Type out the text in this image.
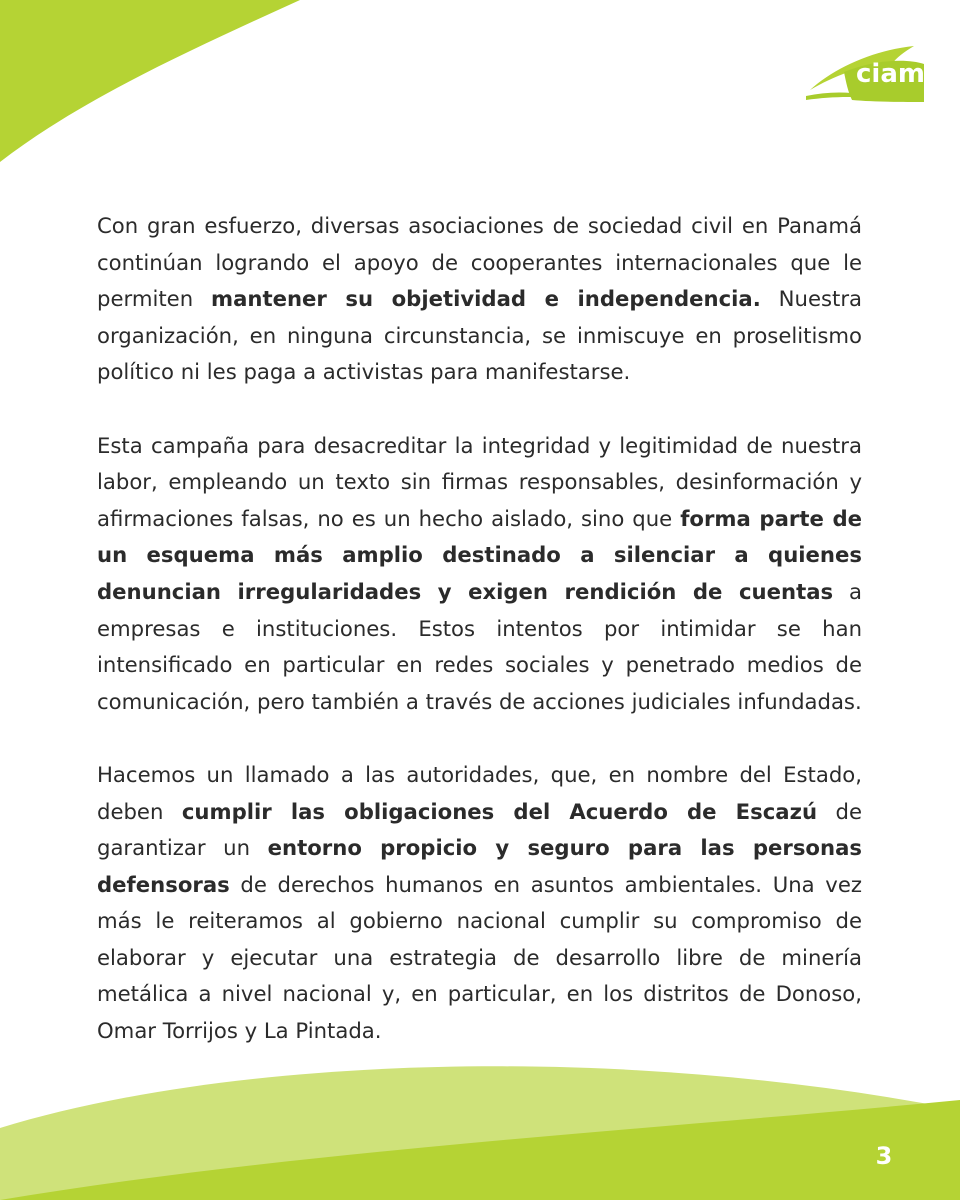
ciam

Con gran esfuerzo, diversas asociaciones de sociedad civil en Panamá continúan logrando el apoyo de cooperantes internacionales que le permiten mantener su objetividad e independencia. Nuestra organización, en ninguna circunstancia, se inmiscuye en proselitismo político ni les paga a activistas para manifestarse.

Esta campaña para desacreditar la integridad y legitimidad de nuestra labor, empleando un texto sin firmas responsables, desinformación y afirmaciones falsas, no es un hecho aislado, sino que forma parte de un esquema más amplio destinado a silenciar a quienes denuncian irregularidades y exigen rendición de cuentas a empresas e instituciones. Estos intentos por intimidar se han intensificado en particular en redes sociales y penetrado medios de comunicación, pero también a través de acciones judiciales infundadas.

Hacemos un llamado a las autoridades, que, en nombre del Estado, deben cumplir las obligaciones del Acuerdo de Escazú de garantizar un entorno propicio y seguro para las personas defensoras de derechos humanos en asuntos ambientales. Una vez más le reiteramos al gobierno nacional cumplir su compromiso de elaborar y ejecutar una estrategia de desarrollo libre de minería metálica a nivel nacional y, en particular, en los distritos de Donoso, Omar Torrijos y La Pintada.

3
